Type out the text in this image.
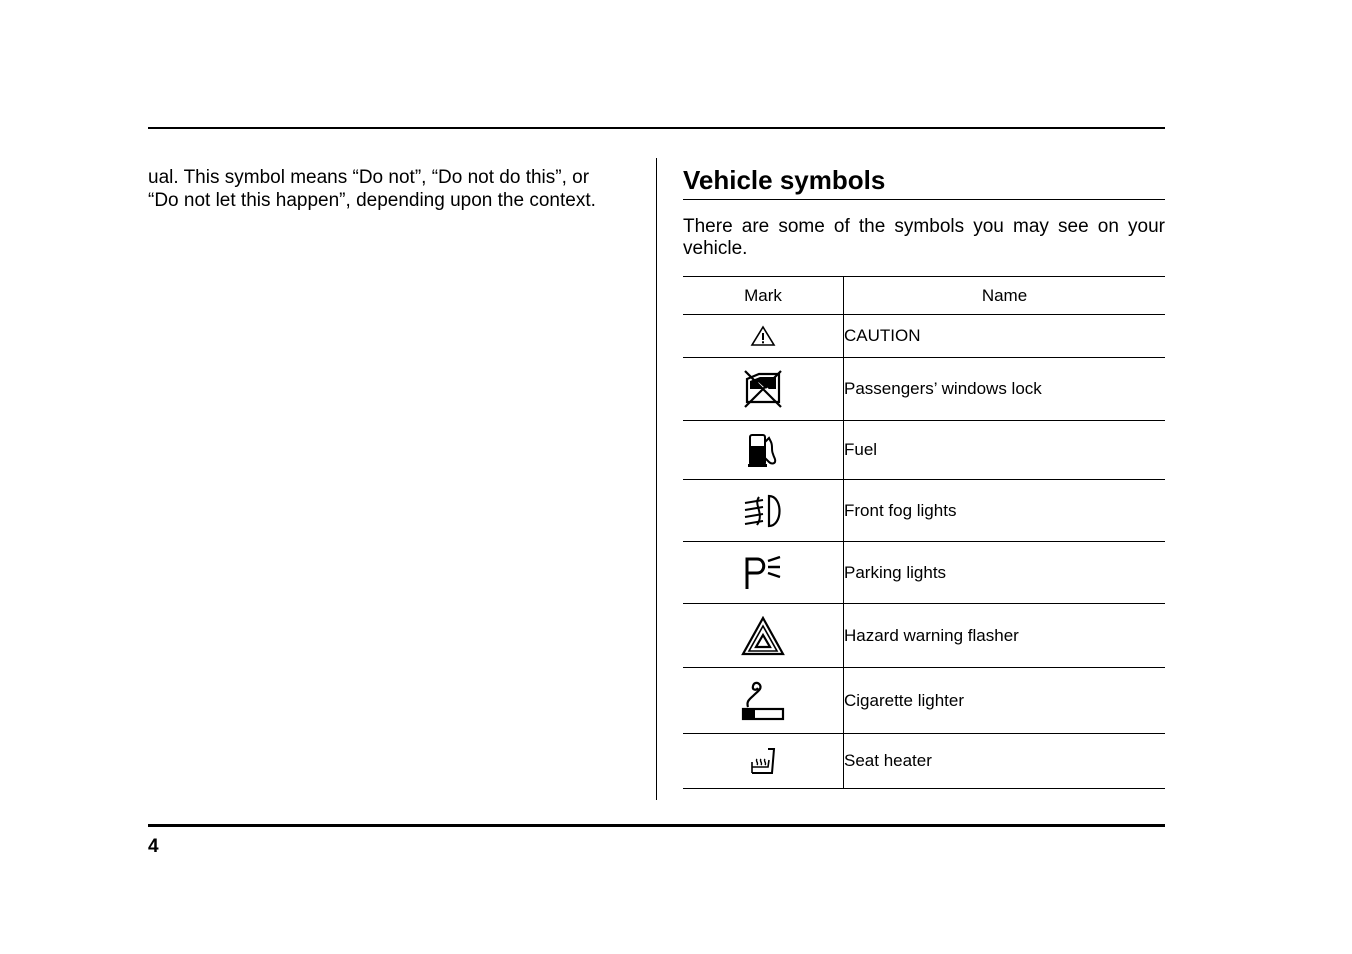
ual. This symbol means “Do not”, “Do not do this”, or

“Do not let this happen”, depending upon the context.

Vehicle symbols

There are some of the symbols you may see on your vehicle.

Mark	Name

	CAUTION

	Passengers’ windows lock

	Fuel

	Front fog lights

	Parking lights

	Hazard warning flasher

	Cigarette lighter

	Seat heater
4
